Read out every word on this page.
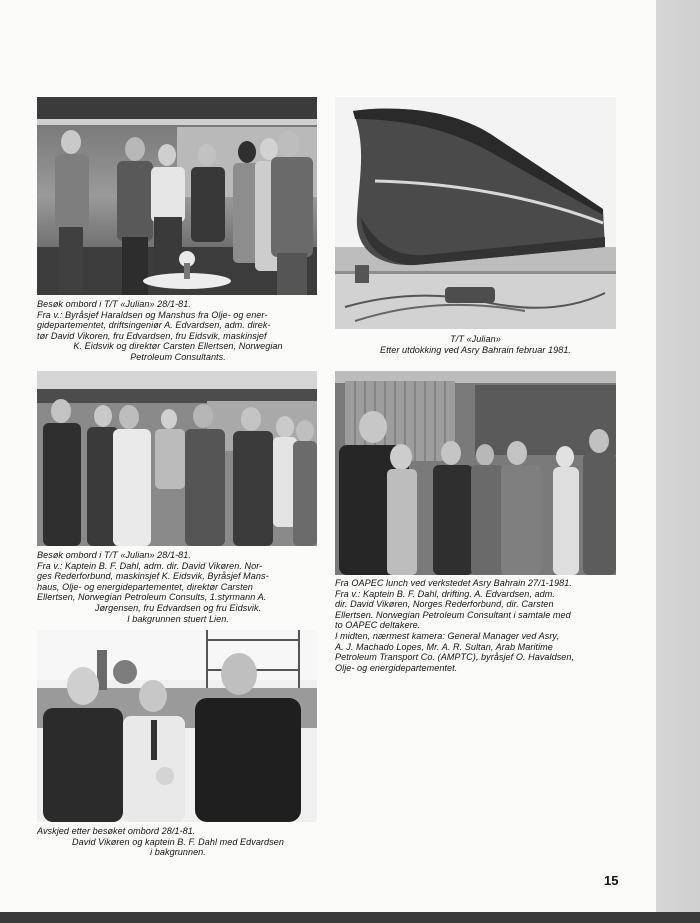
Besøk ombord i T/T «Julian» 28/1-81.
Fra v.: Byråsjef Haraldsen og Manshus fra Olje- og ener-
gidepartementet, driftsingeniør A. Edvardsen, adm. direk-
tør David Vikoren, fru Edvardsen, fru Eidsvik, maskinsjef
K. Eidsvik og direktør Carsten Ellertsen, Norwegian
Petroleum Consultants.
T/T «Julian»
Etter utdokking ved Asry Bahrain februar 1981.
Besøk ombord i T/T «Julian» 28/1-81.
Fra v.: Kaptein B. F. Dahl, adm. dir. David Vikøren. Nor-
ges Rederforbund, maskinsjef K. Eidsvik, Byråsjef Mans-
haus, Olje- og energidepartementet, direktør Carsten
Ellertsen, Norwegian Petroleum Consults, 1.styrmann A.
Jørgensen, fru Edvardsen og fru Eidsvik.
I bakgrunnen stuert Lien.
Fra OAPEC lunch ved verkstedet Asry Bahrain 27/1-1981.
Fra v.: Kaptein B. F. Dahl, drifting. A. Edvardsen, adm.
dir. David Vikøren, Norges Rederforbund, dir. Carsten
Ellertsen. Norwegian Petroleum Consultant i samtale med
to OAPEC deltakere.
I midten, nærmest kamera: General Manager ved Asry,
A. J. Machado Lopes, Mr. A. R. Sultan, Arab Maritime
Petroleum Transport Co. (AMPTC), byråsjef O. Havaldsen,
Olje- og energidepartementet.
Avskjed etter besøket ombord 28/1-81.
David Vikøren og kaptein B. F. Dahl med Edvardsen
i bakgrunnen.
15
